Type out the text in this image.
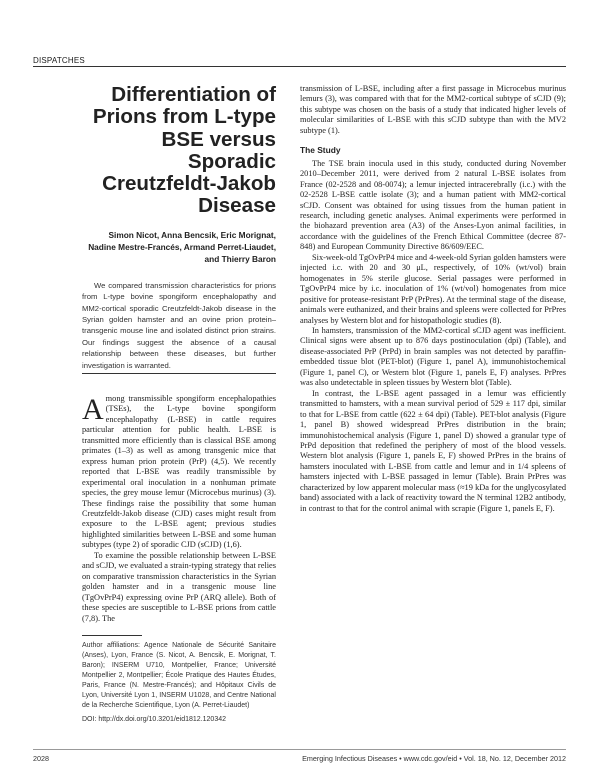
DISPATCHES
Differentiation of Prions from L-type BSE versus Sporadic Creutzfeldt-Jakob Disease
Simon Nicot, Anna Bencsik, Eric Morignat, Nadine Mestre-Francés, Armand Perret-Liaudet, and Thierry Baron
We compared transmission characteristics for prions from L-type bovine spongiform encephalopathy and MM2-cortical sporadic Creutzfeldt-Jakob disease in the Syrian golden hamster and an ovine prion protein–transgenic mouse line and isolated distinct prion strains. Our findings suggest the absence of a causal relationship between these diseases, but further investigation is warranted.

Among transmissible spongiform encephalopathies (TSEs), the L-type bovine spongiform encephalopathy (L-BSE) in cattle requires particular attention for public health. L-BSE is transmitted more efficiently than is classical BSE among primates (1–3) as well as among transgenic mice that express human prion protein (PrP) (4,5). We recently reported that L-BSE was readily transmissible by experimental oral inoculation in a nonhuman primate species, the grey mouse lemur (Microcebus murinus) (3). These findings raise the possibility that some human Creutzfeldt-Jakob disease (CJD) cases might result from exposure to the L-BSE agent; previous studies highlighted similarities between L-BSE and some human subtypes (type 2) of sporadic CJD (sCJD) (1,6).

To examine the possible relationship between L-BSE and sCJD, we evaluated a strain-typing strategy that relies on comparative transmission characteristics in the Syrian golden hamster and in a transgenic mouse line (TgOvPrP4) expressing ovine PrP (ARQ allele). Both of these species are susceptible to L-BSE prions from cattle (7,8). The

Author affiliations: Agence Nationale de Sécurité Sanitaire (Anses), Lyon, France (S. Nicot, A. Bencsik, E. Morignat, T. Baron); INSERM U710, Montpellier, France; Université Montpellier 2, Montpellier; École Pratique des Hautes Études, Paris, France (N. Mestre-Francés); and Hôpitaux Civils de Lyon, Université Lyon 1, INSERM U1028, and Centre National de la Recherche Scientifique, Lyon (A. Perret-Liaudet)
DOI: http://dx.doi.org/10.3201/eid1812.120342

transmission of L-BSE, including after a first passage in Microcebus murinus lemurs (3), was compared with that for the MM2-cortical subtype of sCJD (9); this subtype was chosen on the basis of a study that indicated higher levels of molecular similarities of L-BSE with this sCJD subtype than with the MV2 subtype (1).

The Study

The TSE brain inocula used in this study, conducted during November 2010–December 2011, were derived from 2 natural L-BSE isolates from France (02-2528 and 08-0074); a lemur injected intracerebrally (i.c.) with the 02-2528 L-BSE cattle isolate (3); and a human patient with MM2-cortical sCJD. Consent was obtained for using tissues from the human patient in research, including genetic analyses. Animal experiments were performed in the biohazard prevention area (A3) of the Anses-Lyon animal facilities, in accordance with the guidelines of the French Ethical Committee (decree 87-848) and European Community Directive 86/609/EEC.

Six-week-old TgOvPrP4 mice and 4-week-old Syrian golden hamsters were injected i.c. with 20 and 30 μL, respectively, of 10% (wt/vol) brain homogenates in 5% sterile glucose. Serial passages were performed in TgOvPrP4 mice by i.c. inoculation of 1% (wt/vol) homogenates from mice positive for protease-resistant PrP (PrPres). At the terminal stage of the disease, animals were euthanized, and their brains and spleens were collected for PrPres analyses by Western blot and for histopathologic studies (8).

In hamsters, transmission of the MM2-cortical sCJD agent was inefficient. Clinical signs were absent up to 876 days postinoculation (dpi) (Table), and disease-associated PrP (PrPd) in brain samples was not detected by paraffin-embedded tissue blot (PET-blot) (Figure 1, panel A), immunohistochemical (Figure 1, panel C), or Western blot (Figure 1, panels E, F) analyses. PrPres was also undetectable in spleen tissues by Western blot (Table).

In contrast, the L-BSE agent passaged in a lemur was efficiently transmitted to hamsters, with a mean survival period of 529 ± 117 dpi, similar to that for L-BSE from cattle (622 ± 64 dpi) (Table). PET-blot analysis (Figure 1, panel B) showed widespread PrPres distribution in the brain; immunohistochemical analysis (Figure 1, panel D) showed a granular type of PrPd deposition that redefined the periphery of most of the blood vessels. Western blot analysis (Figure 1, panels E, F) showed PrPres in the brains of hamsters inoculated with L-BSE from cattle and lemur and in 1/4 spleens of hamsters injected with L-BSE passaged in lemur (Table). Brain PrPres was characterized by low apparent molecular mass (≈19 kDa for the unglycosylated band) associated with a lack of reactivity toward the N terminal 12B2 antibody, in contrast to that for the control animal with scrapie (Figure 1, panels E, F).

2028	Emerging Infectious Diseases • www.cdc.gov/eid • Vol. 18, No. 12, December 2012
